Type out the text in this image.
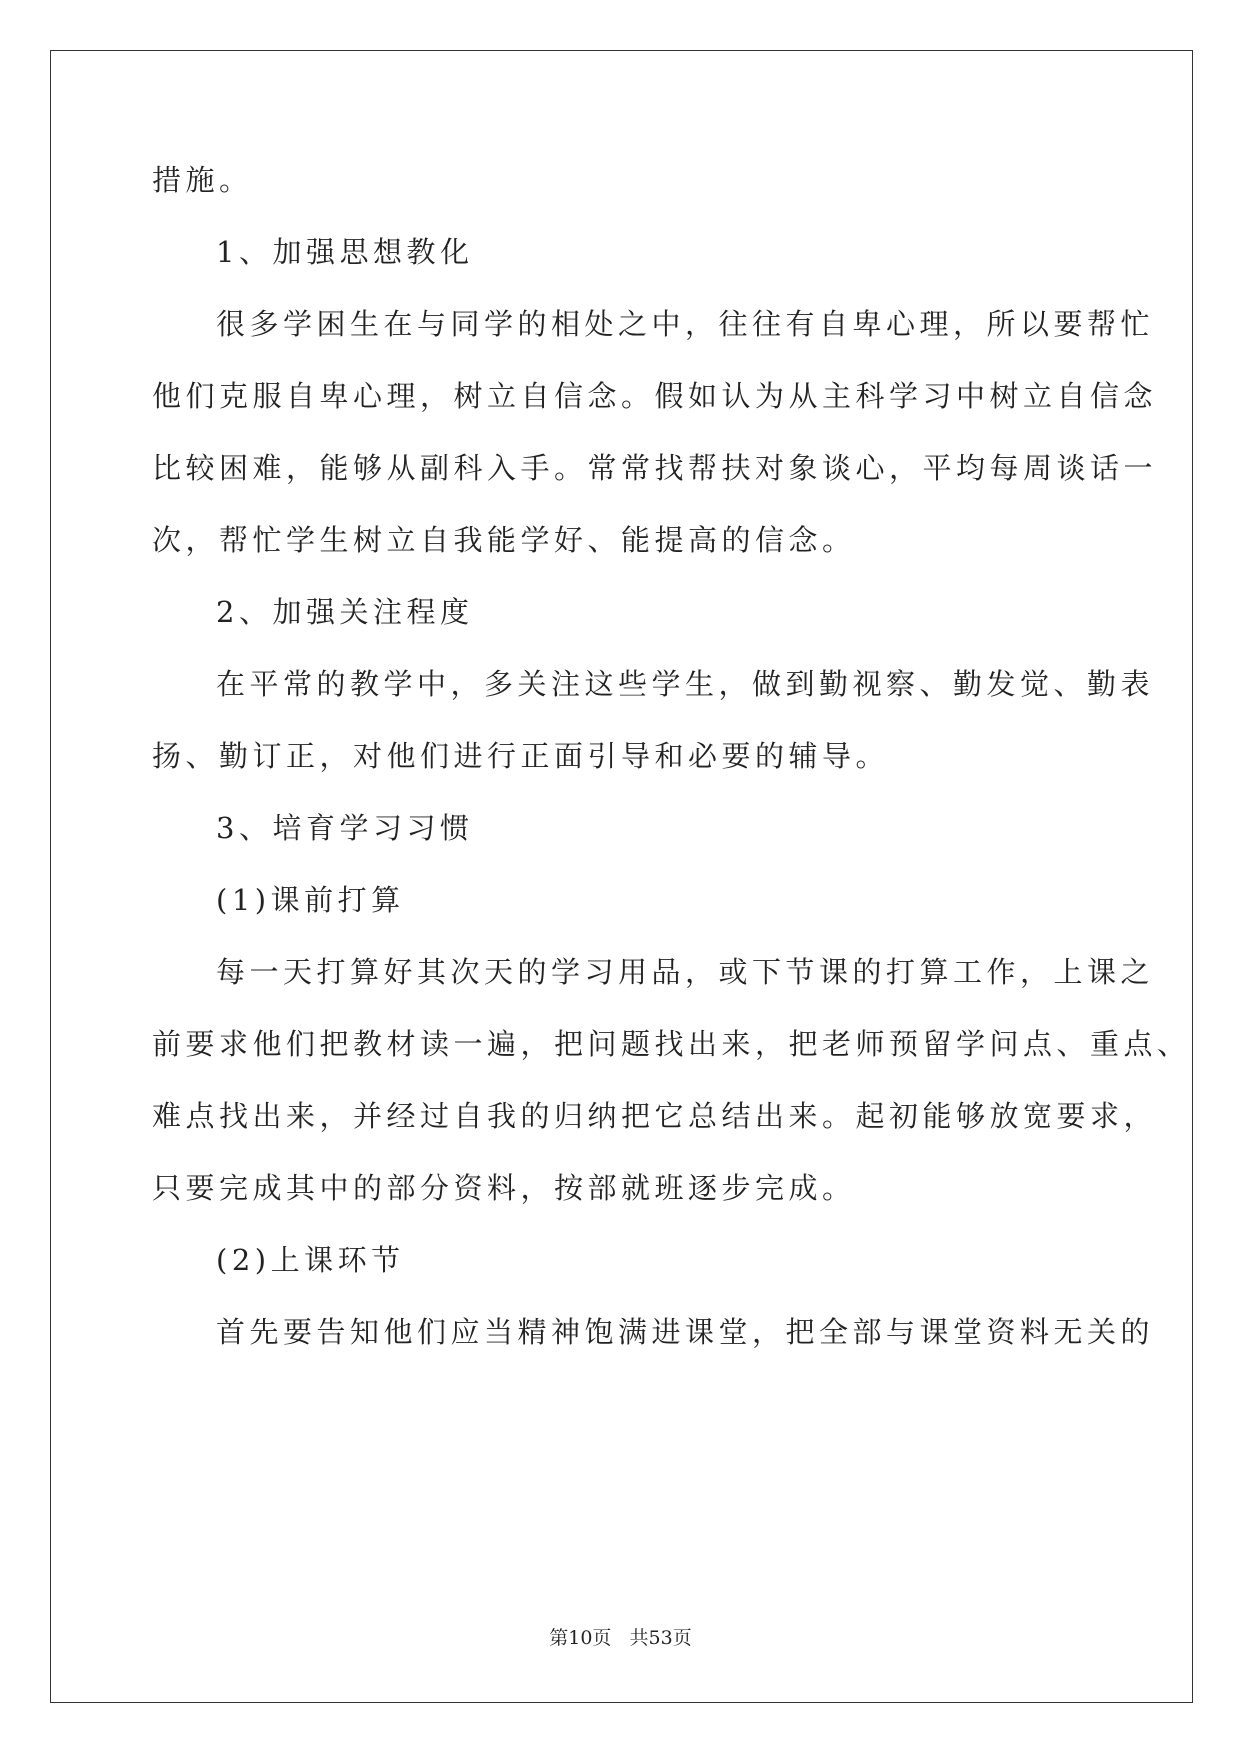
措施。
1、加强思想教化
很多学困生在与同学的相处之中，往往有自卑心理，所以要帮忙
他们克服自卑心理，树立自信念。假如认为从主科学习中树立自信念
比较困难，能够从副科入手。常常找帮扶对象谈心，平均每周谈话一
次，帮忙学生树立自我能学好、能提高的信念。
2、加强关注程度
在平常的教学中，多关注这些学生，做到勤视察、勤发觉、勤表
扬、勤订正，对他们进行正面引导和必要的辅导。
3、培育学习习惯
(1)课前打算
每一天打算好其次天的学习用品，或下节课的打算工作，上课之
前要求他们把教材读一遍，把问题找出来，把老师预留学问点、重点、
难点找出来，并经过自我的归纳把它总结出来。起初能够放宽要求，
只要完成其中的部分资料，按部就班逐步完成。
(2)上课环节
首先要告知他们应当精神饱满进课堂，把全部与课堂资料无关的
第10页   共53页
